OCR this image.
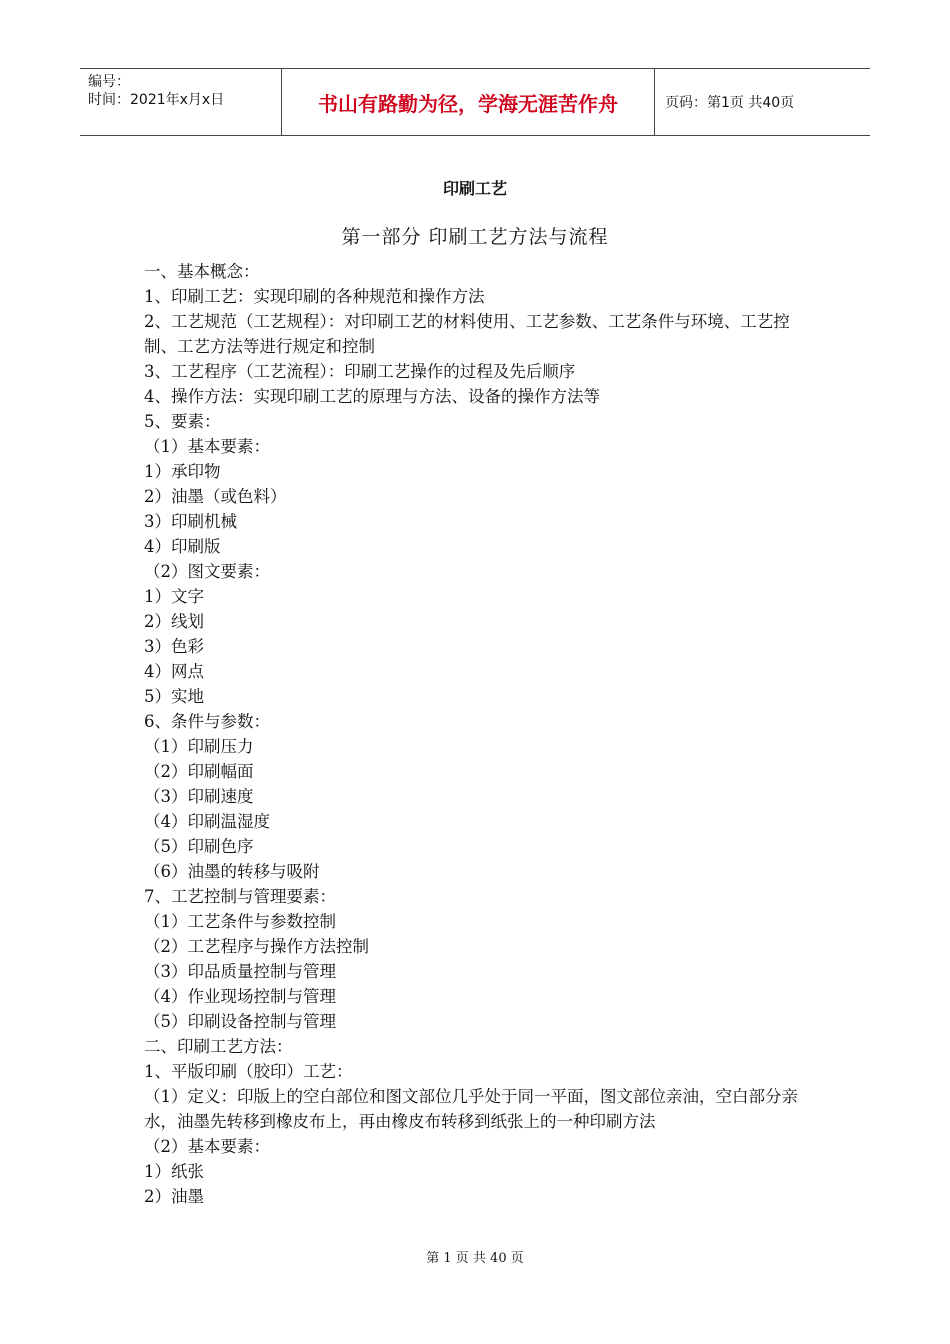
编号：
时间：2021年x月x日	书山有路勤为径，学海无涯苦作舟	页码：第1页 共40页
印刷工艺
第一部分 印刷工艺方法与流程
一、基本概念：
1、印刷工艺：实现印刷的各种规范和操作方法
2、工艺规范（工艺规程）：对印刷工艺的材料使用、工艺参数、工艺条件与环境、工艺控制、工艺方法等进行规定和控制
3、工艺程序（工艺流程）：印刷工艺操作的过程及先后顺序
4、操作方法：实现印刷工艺的原理与方法、设备的操作方法等
5、要素：
（1）基本要素：
1）承印物
2）油墨（或色料）
3）印刷机械
4）印刷版
（2）图文要素：
1）文字
2）线划
3）色彩
4）网点
5）实地
6、条件与参数：
（1）印刷压力
（2）印刷幅面
（3）印刷速度
（4）印刷温湿度
（5）印刷色序
（6）油墨的转移与吸附
7、工艺控制与管理要素：
（1）工艺条件与参数控制
（2）工艺程序与操作方法控制
（3）印品质量控制与管理
（4）作业现场控制与管理
（5）印刷设备控制与管理
二、印刷工艺方法：
1、平版印刷（胶印）工艺：
（1）定义：印版上的空白部位和图文部位几乎处于同一平面，图文部位亲油，空白部分亲水，油墨先转移到橡皮布上，再由橡皮布转移到纸张上的一种印刷方法
（2）基本要素：
1）纸张
2）油墨
第 1 页 共 40 页
